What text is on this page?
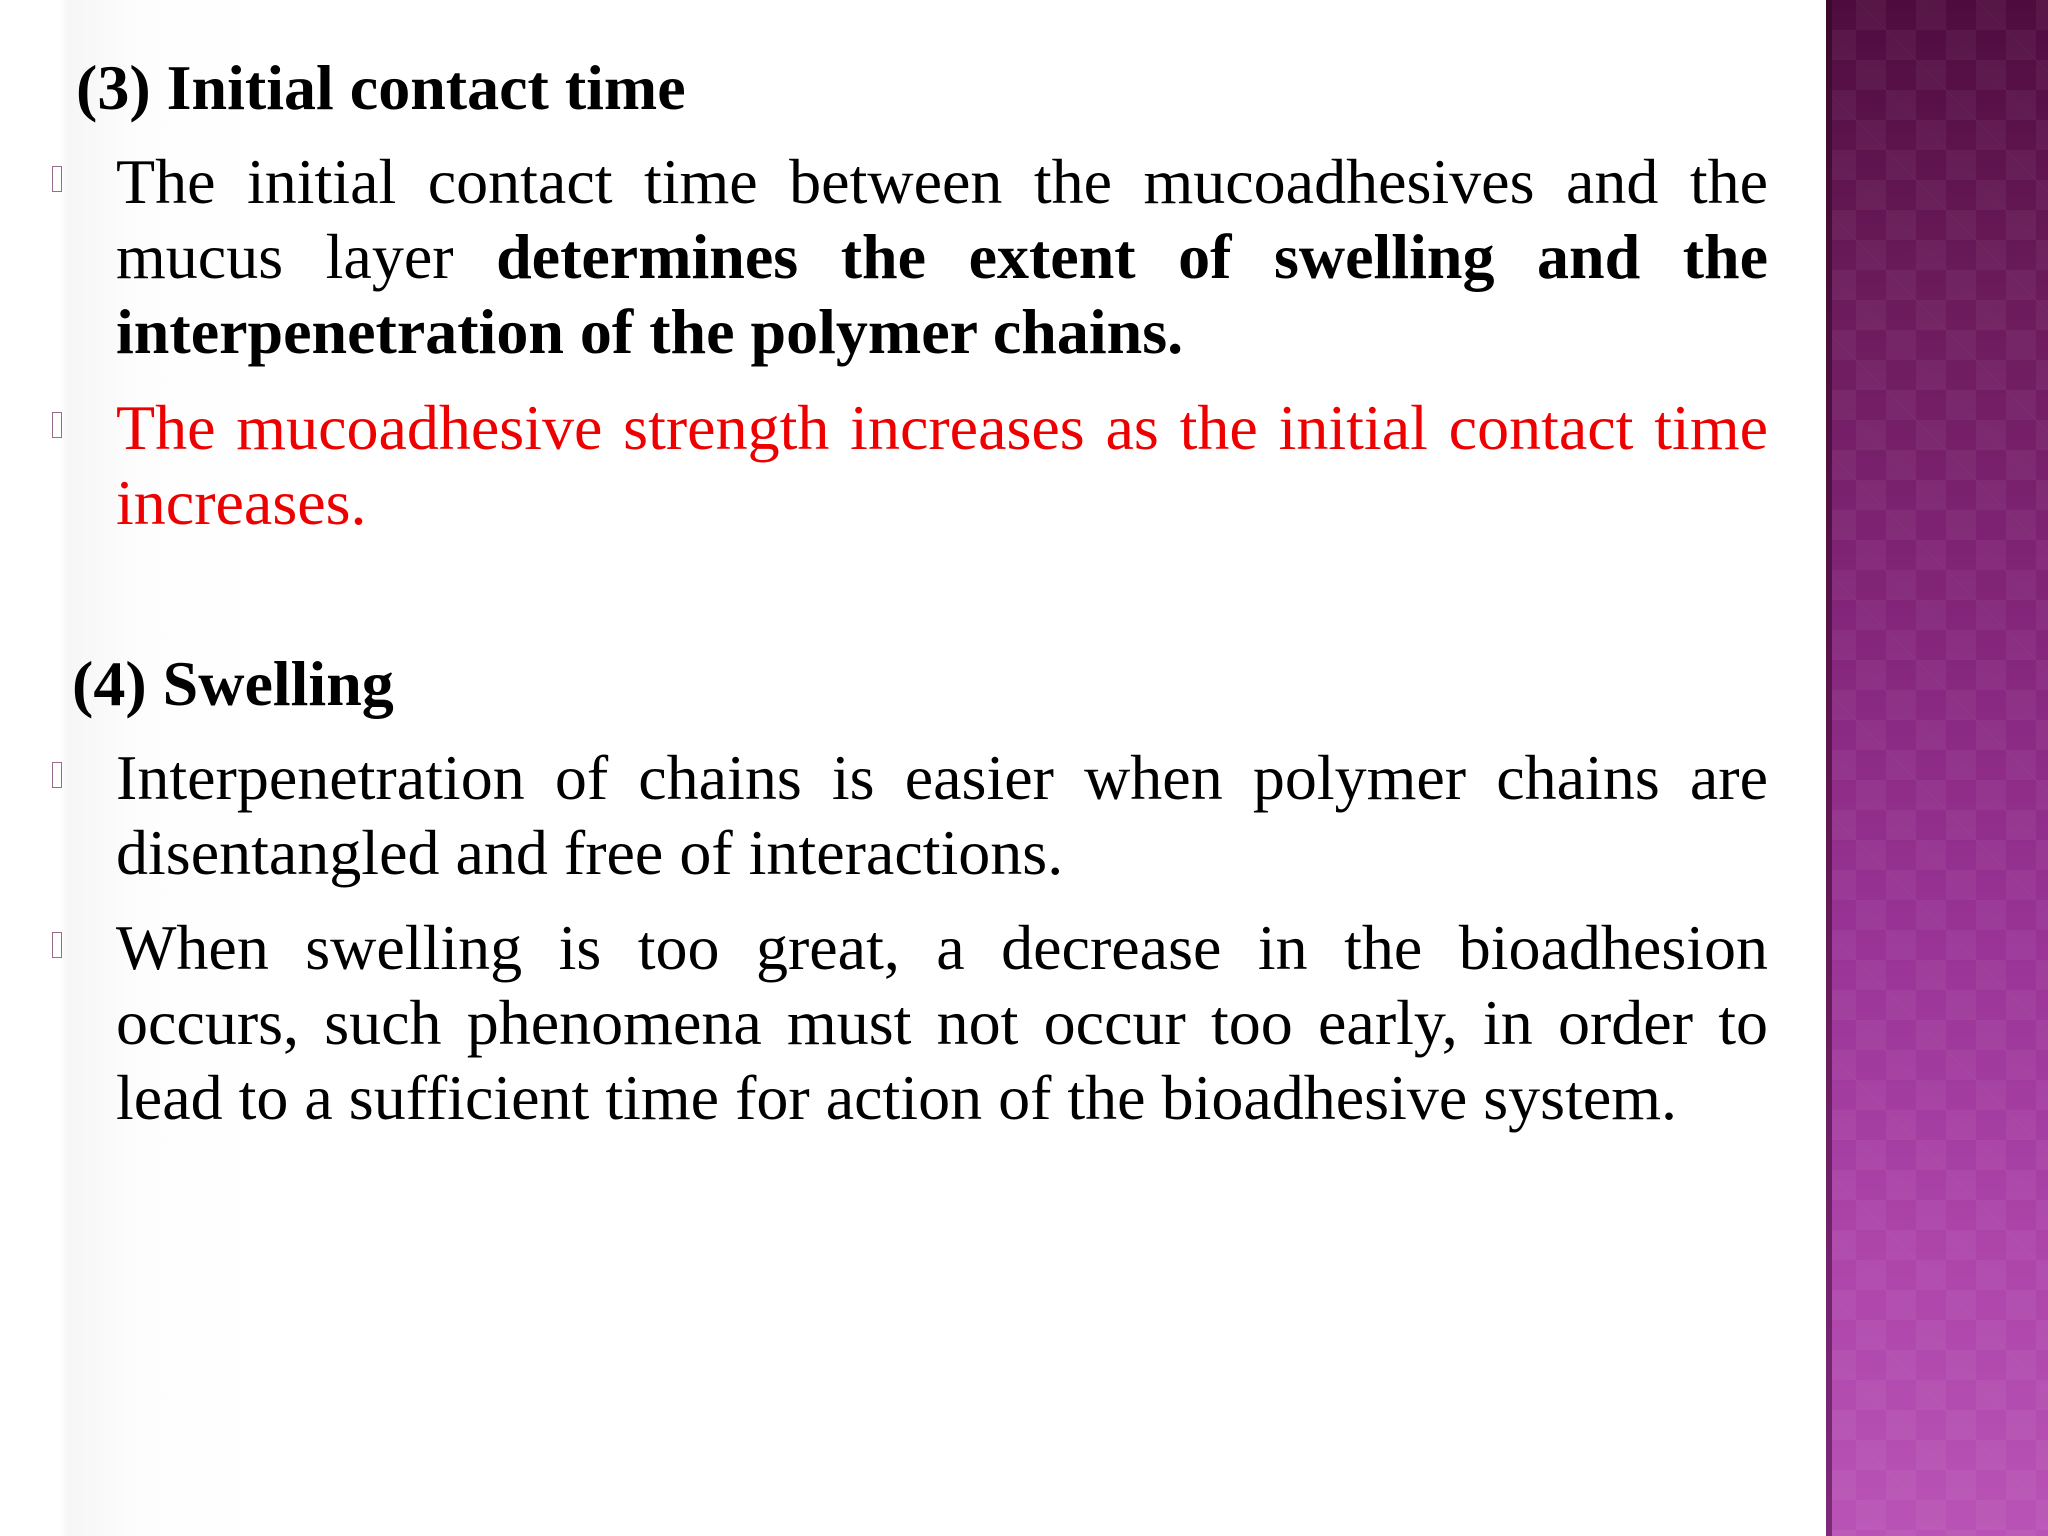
(3) Initial contact time
The initial contact time between the mucoadhesives and the mucus layer determines the extent of swelling and the interpenetration of the polymer chains.
The mucoadhesive strength increases as the initial contact time increases.
(4) Swelling
Interpenetration of chains is easier when polymer chains are disentangled and free of interactions.
When swelling is too great, a decrease in the bioadhesion occurs, such phenomena must not occur too early, in order to lead to a sufficient time for action of the bioadhesive system.
